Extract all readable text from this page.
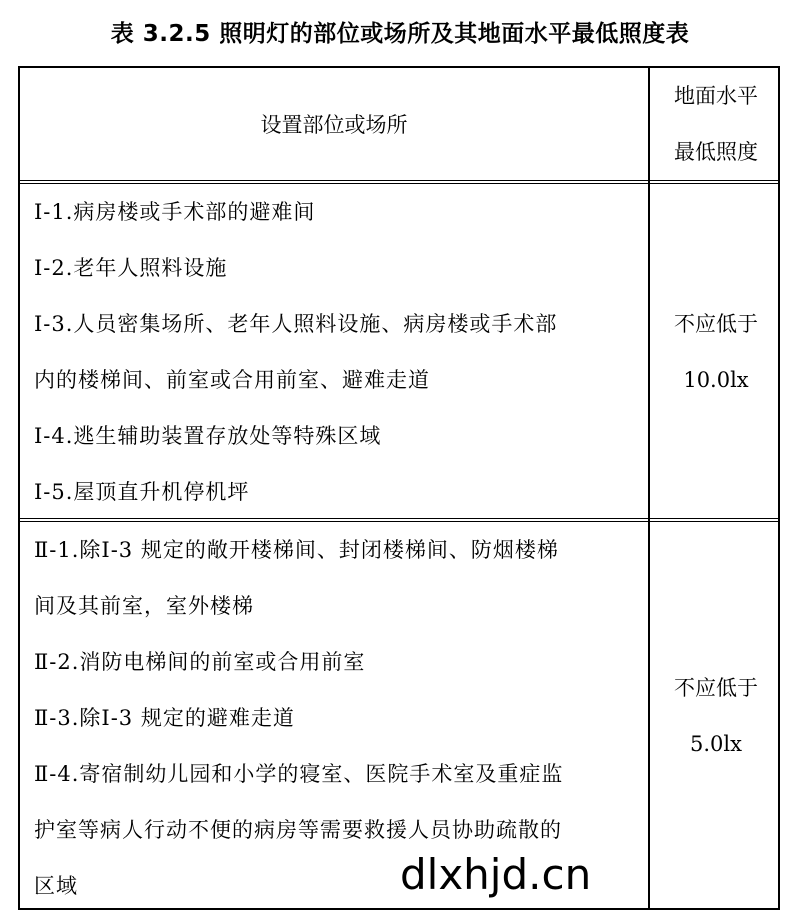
表 3.2.5 照明灯的部位或场所及其地面水平最低照度表
设置部位或场所
地面水平
最低照度
Ⅰ-1.病房楼或手术部的避难间
Ⅰ-2.老年人照料设施
Ⅰ-3.人员密集场所、老年人照料设施、病房楼或手术部
内的楼梯间、前室或合用前室、避难走道
Ⅰ-4.逃生辅助装置存放处等特殊区域
Ⅰ-5.屋顶直升机停机坪
不应低于
10.0lx
Ⅱ-1.除Ⅰ-3 规定的敞开楼梯间、封闭楼梯间、防烟楼梯
间及其前室，室外楼梯
Ⅱ-2.消防电梯间的前室或合用前室
Ⅱ-3.除Ⅰ-3 规定的避难走道
Ⅱ-4.寄宿制幼儿园和小学的寝室、医院手术室及重症监
护室等病人行动不便的病房等需要救援人员协助疏散的
区域
不应低于
5.0lx
dlxhjd.cn
